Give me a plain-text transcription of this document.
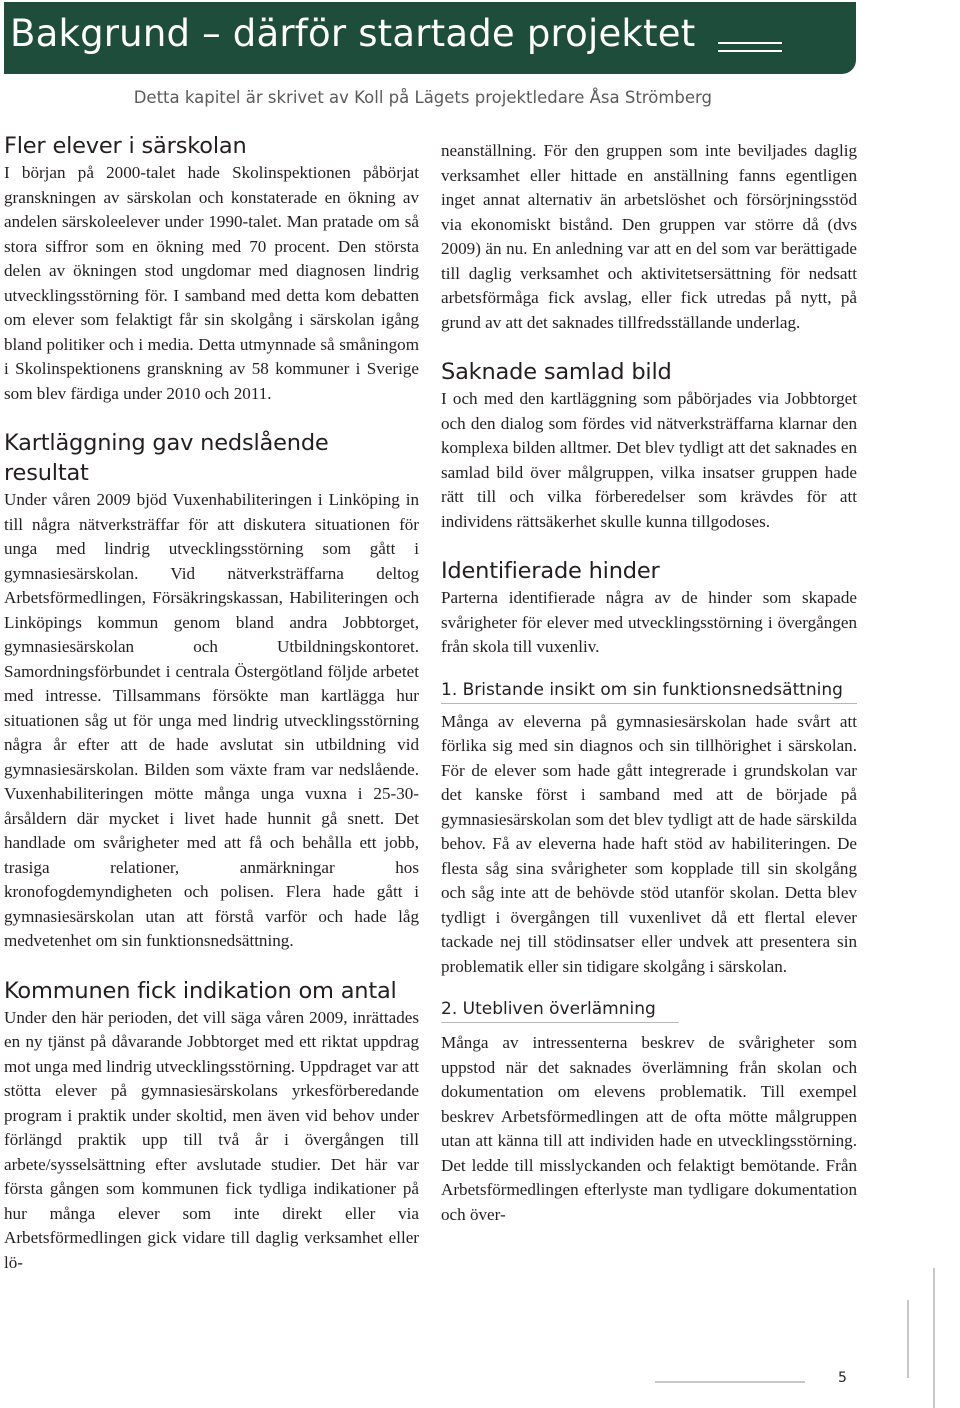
Bakgrund – därför startade projektet
Detta kapitel är skrivet av Koll på Lägets projektledare Åsa Strömberg
Fler elever i särskolan

I början på 2000-talet hade Skolinspektionen påbörjat granskningen av särskolan och konstaterade en ökning av andelen särskoleelever under 1990-talet. Man pratade om så stora siffror som en ökning med 70 procent. Den största delen av ökningen stod ungdomar med diagnosen lindrig utvecklingsstörning för. I samband med detta kom debatten om elever som felaktigt får sin skolgång i särskolan igång bland politiker och i media. Detta utmynnade så småningom i Skolinspektionens granskning av 58 kommuner i Sverige som blev färdiga under 2010 och 2011.

Kartläggning gav nedslående resultat

Under våren 2009 bjöd Vuxenhabiliteringen i Linköping in till några nätverksträffar för att diskutera situationen för unga med lindrig utvecklingsstörning som gått i gymnasiesärskolan. Vid nätverksträffarna deltog Arbetsförmedlingen, Försäkringskassan, Habiliteringen och Linköpings kommun genom bland andra Jobbtorget, gymnasiesärskolan och Utbildningskontoret. Samordningsförbundet i centrala Östergötland följde arbetet med intresse. Tillsammans försökte man kartlägga hur situationen såg ut för unga med lindrig utvecklingsstörning några år efter att de hade avslutat sin utbildning vid gymnasiesärskolan. Bilden som växte fram var nedslående. Vuxenhabiliteringen mötte många unga vuxna i 25-30-årsåldern där mycket i livet hade hunnit gå snett. Det handlade om svårigheter med att få och behålla ett jobb, trasiga relationer, anmärkningar hos kronofogdemyndigheten och polisen. Flera hade gått i gymnasiesärskolan utan att förstå varför och hade låg medvetenhet om sin funktionsnedsättning.

Kommunen fick indikation om antal

Under den här perioden, det vill säga våren 2009, inrättades en ny tjänst på dåvarande Jobbtorget med ett riktat uppdrag mot unga med lindrig utvecklingsstörning. Uppdraget var att stötta elever på gymnasiesärskolans yrkesförberedande program i praktik under skoltid, men även vid behov under förlängd praktik upp till två år i övergången till arbete/sysselsättning efter avslutade studier. Det här var första gången som kommunen fick tydliga indikationer på hur många elever som inte direkt eller via Arbetsförmedlingen gick vidare till daglig verksamhet eller lö-

neanställning. För den gruppen som inte beviljades daglig verksamhet eller hittade en anställning fanns egentligen inget annat alternativ än arbetslöshet och försörjningsstöd via ekonomiskt bistånd. Den gruppen var större då (dvs 2009) än nu. En anledning var att en del som var berättigade till daglig verksamhet och aktivitetsersättning för nedsatt arbetsförmåga fick avslag, eller fick utredas på nytt, på grund av att det saknades tillfredsställande underlag.

Saknade samlad bild

I och med den kartläggning som påbörjades via Jobbtorget och den dialog som fördes vid nätverksträffarna klarnar den komplexa bilden alltmer. Det blev tydligt att det saknades en samlad bild över målgruppen, vilka insatser gruppen hade rätt till och vilka förberedelser som krävdes för att individens rättsäkerhet skulle kunna tillgodoses.

Identifierade hinder

Parterna identifierade några av de hinder som skapade svårigheter för elever med utvecklingsstörning i övergången från skola till vuxenliv.

1. Bristande insikt om sin funktionsnedsättning

Många av eleverna på gymnasiesärskolan hade svårt att förlika sig med sin diagnos och sin tillhörighet i särskolan. För de elever som hade gått integrerade i grundskolan var det kanske först i samband med att de började på gymnasiesärskolan som det blev tydligt att de hade särskilda behov. Få av eleverna hade haft stöd av habiliteringen. De flesta såg sina svårigheter som kopplade till sin skolgång och såg inte att de behövde stöd utanför skolan. Detta blev tydligt i övergången till vuxenlivet då ett flertal elever tackade nej till stödinsatser eller undvek att presentera sin problematik eller sin tidigare skolgång i särskolan.

2. Utebliven överlämning

Många av intressenterna beskrev de svårigheter som uppstod när det saknades överlämning från skolan och dokumentation om elevens problematik. Till exempel beskrev Arbetsförmedlingen att de ofta mötte målgruppen utan att känna till att individen hade en utvecklingsstörning. Det ledde till misslyckanden och felaktigt bemötande. Från Arbetsförmedlingen efterlyste man tydligare dokumentation och över-

5
